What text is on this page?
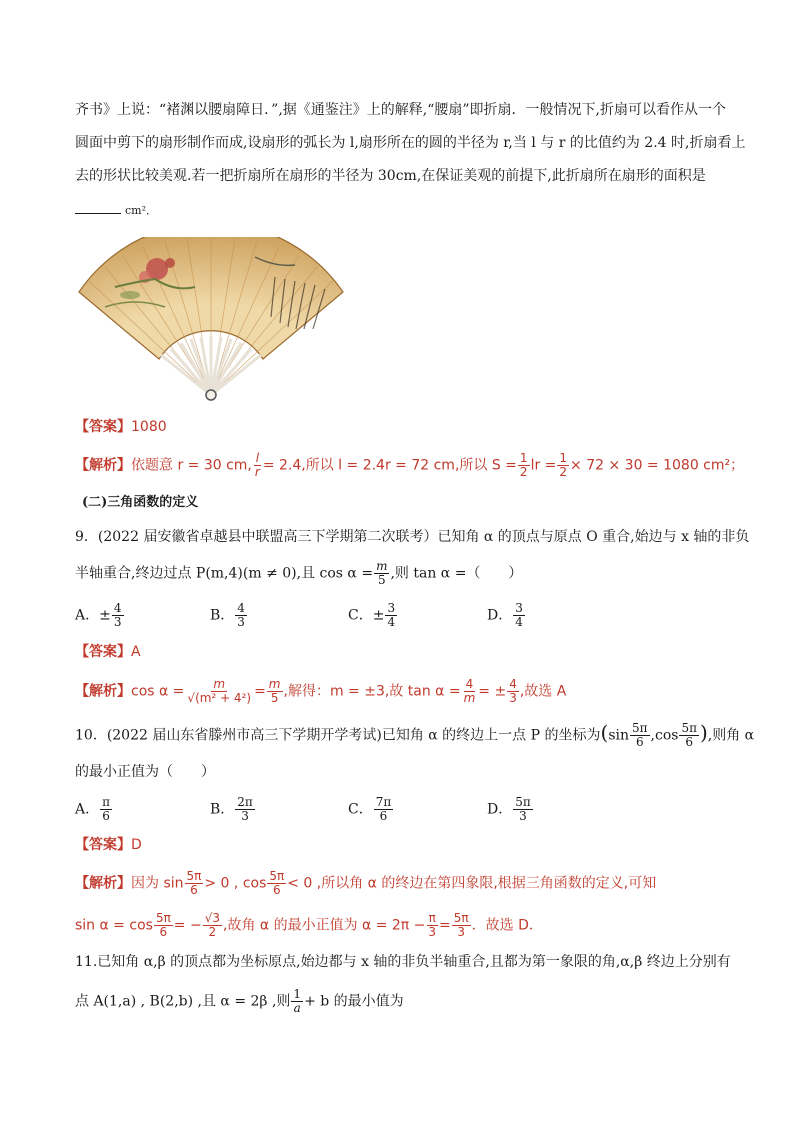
齐书》上说：“褚渊以腰扇障日．”,据《通鉴注》上的解释,“腰扇”即折扇．一般情况下,折扇可以看作从一个
圆面中剪下的扇形制作而成,设扇形的弧长为 l,扇形所在的圆的半径为 r,当 l 与 r 的比值约为 2.4 时,折扇看上
去的形状比较美观.若一把折扇所在扇形的半径为 30cm,在保证美观的前提下,此折扇所在扇形的面积是
cm²．
【答案】1080
【解析】依题意 r = 30 cm, $\frac{l}{r} = 2.4$,所以 l = 2.4r = 72 cm,所以 $S = \frac{1}{2}$ lr = $\frac{1}{2} \times 72 \times 30 = 1080$ cm²；
(二)三角函数的定义
9．(2022 届安徽省卓越县中联盟高三下学期第二次联考）已知角 α 的顶点与原点 O 重合,始边与 x 轴的非负
半轴重合,终边过点 P(m,4)(m ≠ 0),且 $\cos \alpha = \frac{m}{5}$ ,则 tan α =（　　）
A．± $\frac{4}{3}$	B． $\frac{4}{3}$	C．± $\frac{3}{4}$	D． $\frac{3}{4}$
【答案】A
【解析】$\cos \alpha = \frac{m}{\text{√(m² + 4²)}} = \frac{m}{5}$ ,解得：m = ±3,故 $\tan \alpha = \frac{4}{m}$ = ± $\frac{4}{3}$ ,故选 A
10．(2022 届山东省滕州市高三下学期开学考试)已知角 α 的终边上一点 P 的坐标为($\sin \frac{5\pi}{6} ,\cos \frac{5\pi}{6}$ ),则角 α
的最小正值为（　　）
A． $\frac{\pi}{6}$	B． $\frac{2\pi}{3}$	C． $\frac{7\pi}{6}$	D． $\frac{5\pi}{3}$
【答案】D
【解析】因为 $\sin \frac{5\pi}{6} > 0$ , $\cos \frac{5\pi}{6} < 0$ ,所以角 α 的终边在第四象限,根据三角函数的定义,可知
$\sin \alpha = \cos \frac{5\pi}{6}$ = − $\frac{√3}{2}$ ,故角 α 的最小正值为 $\alpha = 2\pi - \frac{\pi}{3} = \frac{5\pi}{3}$ ．故选 D．
11.已知角 α,β 的顶点都为坐标原点,始边都与 x 轴的非负半轴重合,且都为第一象限的角,α,β 终边上分别有
点 A(1,a) , B(2,b) ,且 α = 2β ,则 $\frac{1}{a} + b$ 的最小值为
